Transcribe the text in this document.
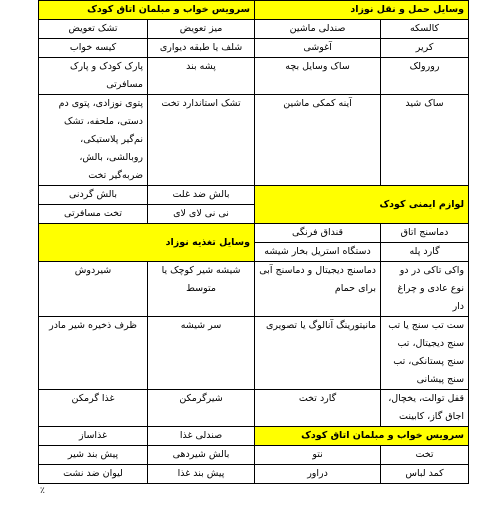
وسایل حمل و نقل نوزاد		سرویس خواب و مبلمان اتاق کودک	
کالسکه	صندلی ماشین	میز تعویض	تشک تعویض
کریر	آغوشی	شلف یا طبقه دیواری	کیسه خواب
رورولک	ساک وسایل بچه	پشه بند	پارک کودک و پارک مسافرتی
ساک شید	آینه کمکی ماشین	تشک استاندارد تخت	پتوی نوزادی، پتوی دم دستی، ملحفه، تشک نم‌گیر پلاستیکی، روبالشی، بالش، ضربه‌گیر تخت
لوازم ایمنی کودک		بالش ضد غلت	بالش گردنی
		نی نی لای لای	تخت مسافرتی
دماسنج اتاق	قنداق فرنگی	وسایل تغذیه نوزاد	
گارد پله	دستگاه استریل بخار شیشه		
واکی تاکی در دو نوع عادی و چراغ دار	دماسنج دیجیتال و دماسنج آبی برای حمام	شیشه شیر کوچک یا متوسط	شیردوش
ست تب سنج یا تب سنج دیجیتال، تب سنج پستانکی، تب سنج پیشانی	مانیتورینگ آنالوگ یا تصویری	سر شیشه	ظرف ذخیره شیر مادر
قفل توالت، یخچال، اجاق گاز، کابینت	گارد تخت	شیرگرمکن	غذا گرمکن
سرویس خواب و مبلمان اتاق کودک		صندلی غذا	غذاساز
تخت	نتو	بالش شیردهی	پیش بند شیر
کمد لباس	دراور	پیش بند غذا	لیوان ضد نشت
٪
